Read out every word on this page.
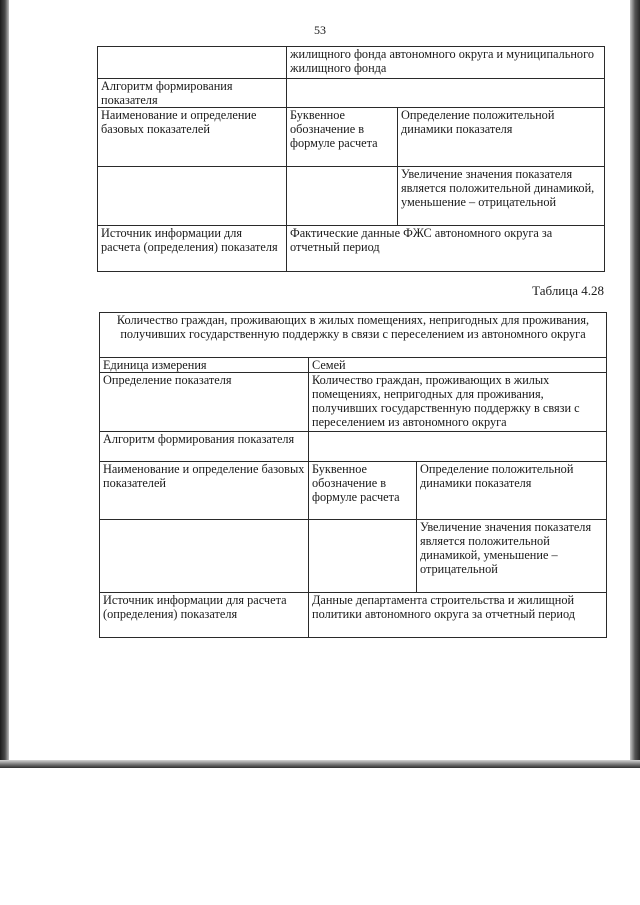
53
	жилищного фонда автономного округа и муниципального жилищного фонда	
Алгоритм формирования показателя		
Наименование и определение базовых показателей	Буквенное обозначение в формуле расчета	Определение положительной динамики показателя
		Увеличение значения показателя является положительной динамикой, уменьшение – отрицательной
Источник информации для расчета (определения) показателя	Фактические данные ФЖС автономного округа за отчетный период	
Таблица 4.28
Количество граждан, проживающих в жилых помещениях, непригодных для проживания, получивших государственную поддержку в связи с переселением из автономного округа		
Единица измерения	Семей	
Определение показателя	Количество граждан, проживающих в жилых помещениях, непригодных для проживания, получивших государственную поддержку в связи с переселением из автономного округа	
Алгоритм формирования показателя		
Наименование и определение базовых показателей	Буквенное обозначение в формуле расчета	Определение положительной динамики показателя
		Увеличение значения показателя является положительной динамикой, уменьшение – отрицательной
Источник информации для расчета (определения) показателя	Данные департамента строительства и жилищной политики автономного округа за отчетный период	
